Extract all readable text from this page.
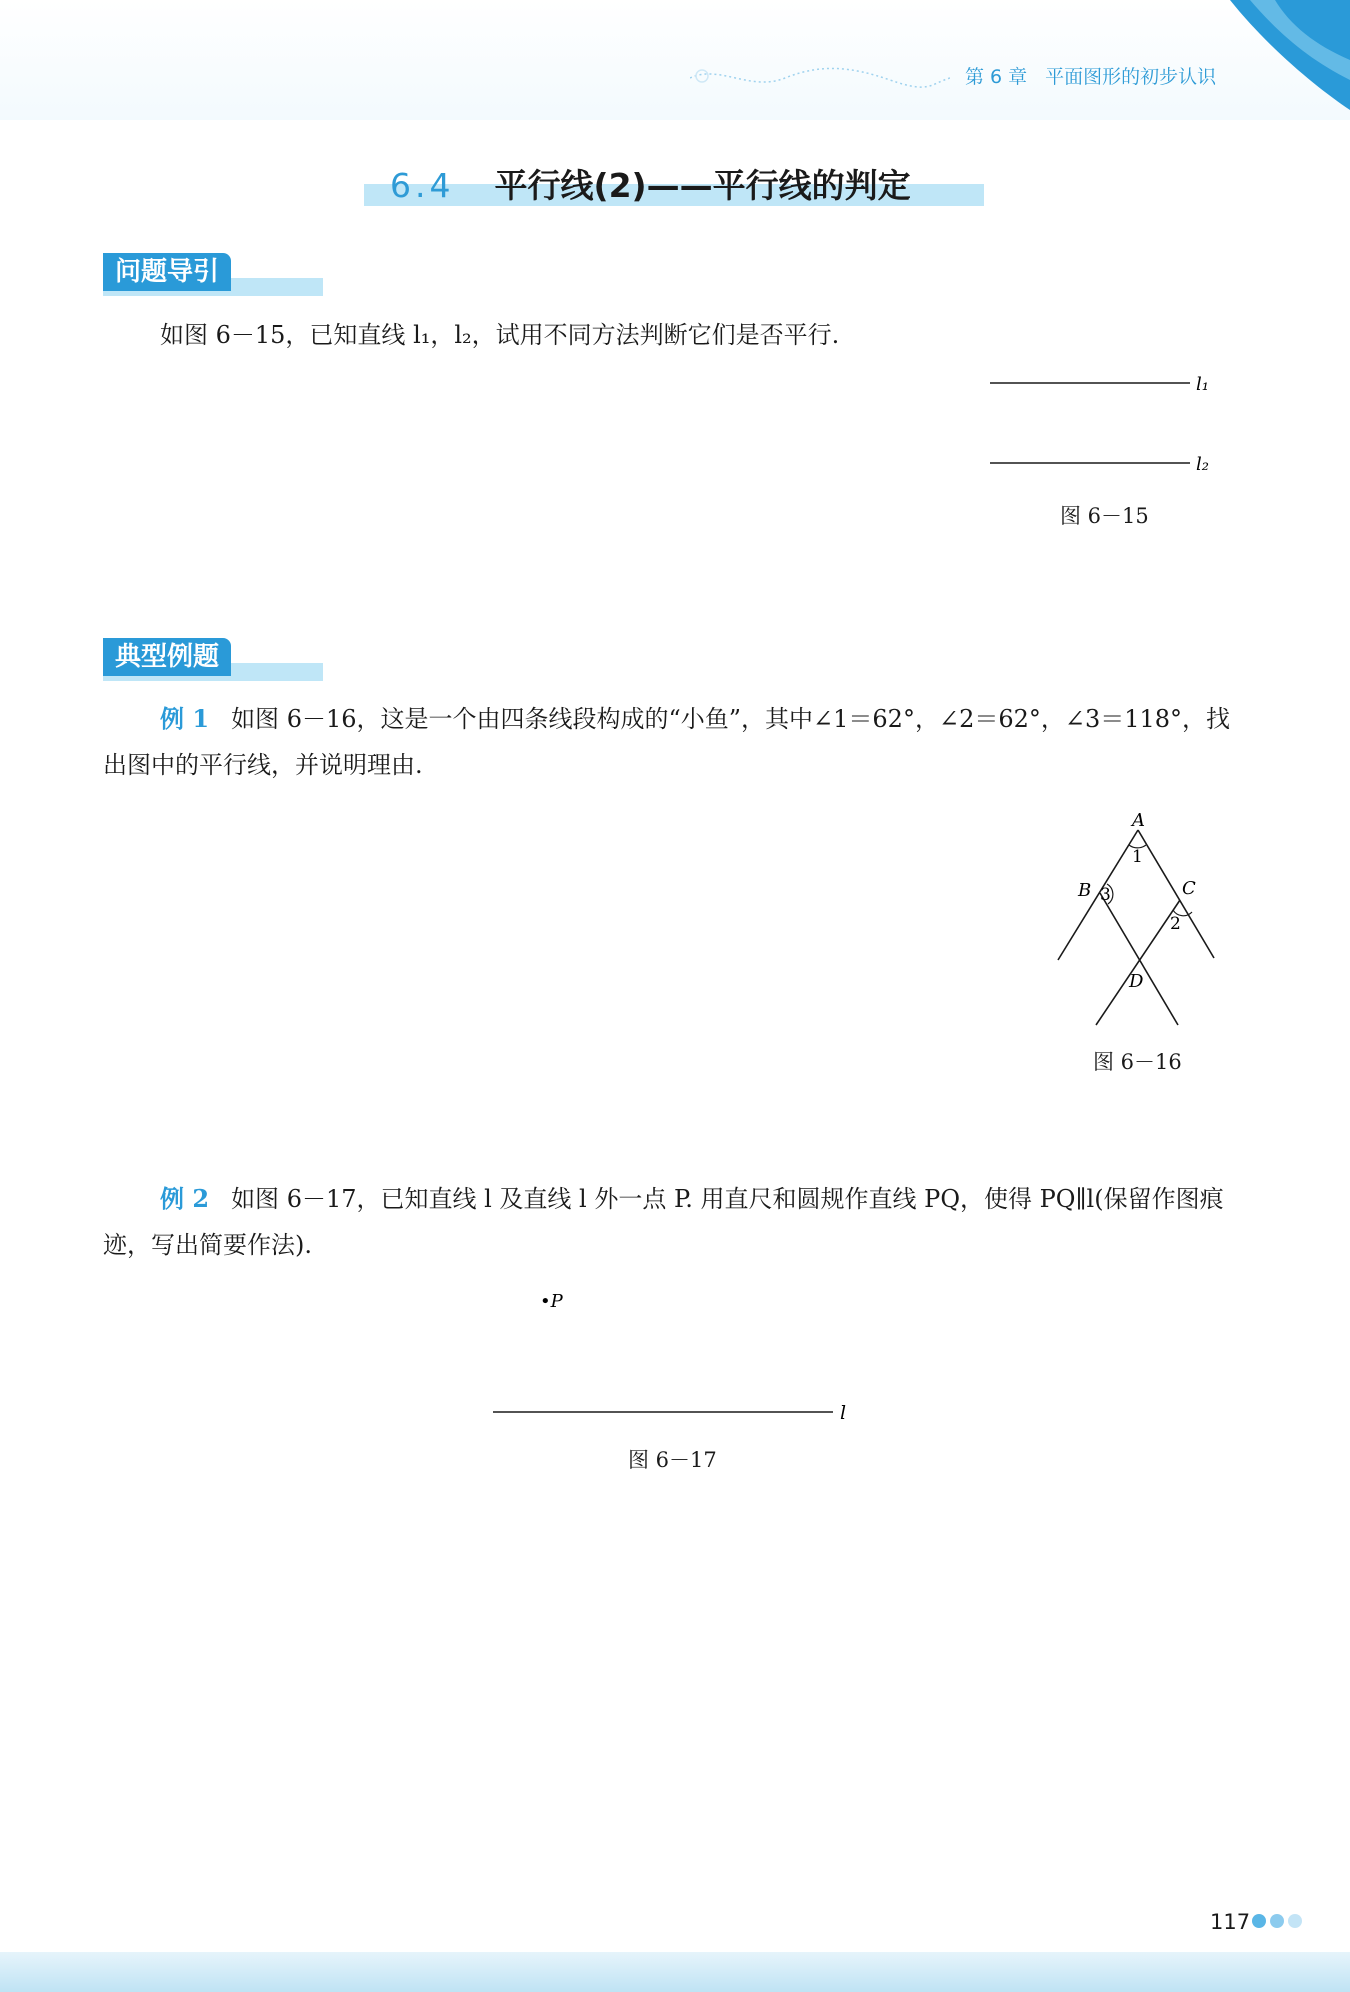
第 6 章 平面图形的初步认识
6.4 平行线(2)——平行线的判定
问题导引
如图 6－15，已知直线 l₁，l₂，试用不同方法判断它们是否平行.
l₁
l₂
图 6－15
典型例题
例 1 如图 6－16，这是一个由四条线段构成的“小鱼”，其中∠1＝62°，∠2＝62°，∠3＝118°，找出图中的平行线，并说明理由.
A
1
B 3	C
2
D
图 6－16
例 2 如图 6－17，已知直线 l 及直线 l 外一点 P. 用直尺和圆规作直线 PQ，使得 PQ∥l(保留作图痕迹，写出简要作法).
•P
l
图 6－17
117
